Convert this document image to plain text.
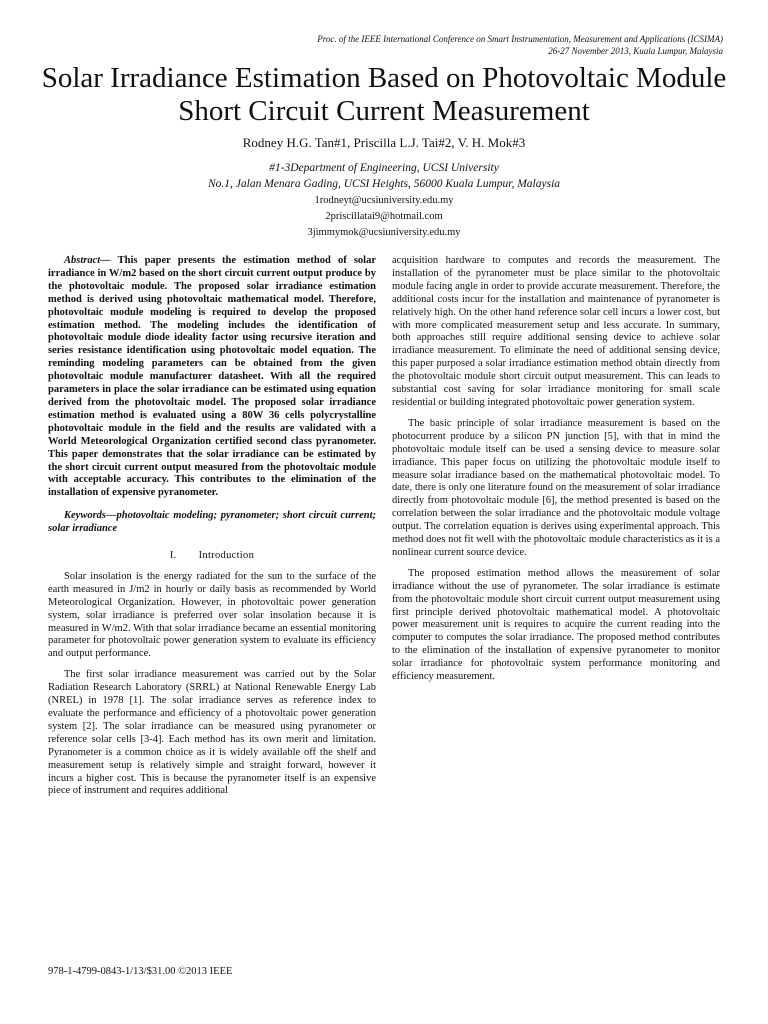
Proc. of the IEEE International Conference on Smart Instrumentation, Measurement and Applications (ICSIMA)
26-27 November 2013, Kuala Lumpur, Malaysia
Solar Irradiance Estimation Based on Photovoltaic Module Short Circuit Current Measurement
Rodney H.G. Tan#1, Priscilla L.J. Tai#2, V. H. Mok#3
#1-3Department of Engineering, UCSI University
No.1, Jalan Menara Gading, UCSI Heights, 56000 Kuala Lumpur, Malaysia
1rodneyt@ucsiuniversity.edu.my
2priscillatai9@hotmail.com
3jimmymok@ucsiuniversity.edu.my

Abstract— This paper presents the estimation method of solar irradiance in W/m2 based on the short circuit current output produce by the photovoltaic module. The proposed solar irradiance estimation method is derived using photovoltaic mathematical model. Therefore, photovoltaic module modeling is required to develop the proposed estimation method. The modeling includes the identification of photovoltaic module diode ideality factor using recursive iteration and series resistance identification using photovoltaic model equation. The reminding modeling parameters can be obtained from the given photovoltaic module manufacturer datasheet. With all the required parameters in place the solar irradiance can be estimated using equation derived from the photovoltaic model. The proposed solar irradiance estimation method is evaluated using a 80W 36 cells polycrystalline photovoltaic module in the field and the results are validated with a World Meteorological Organization certified second class pyranometer. This paper demonstrates that the solar irradiance can be estimated by the short circuit current output measured from the photovoltaic module with acceptable accuracy. This contributes to the elimination of the installation of expensive pyranometer.

Keywords—photovoltaic modeling; pyranometer; short circuit current; solar irradiance

I. Introduction

Solar insolation is the energy radiated for the sun to the surface of the earth measured in J/m2 in hourly or daily basis as recommended by World Meteorological Organization. However, in photovoltaic power generation system, solar irradiance is preferred over solar insolation because it is measured in W/m2. With that solar irradiance became an essential monitoring parameter for photovoltaic power generation system to evaluate its efficiency and output performance.

The first solar irradiance measurement was carried out by the Solar Radiation Research Laboratory (SRRL) at National Renewable Energy Lab (NREL) in 1978 [1]. The solar irradiance serves as reference index to evaluate the performance and efficiency of a photovoltaic power generation system [2]. The solar irradiance can be measured using pyranometer or reference solar cells [3-4]. Each method has its own merit and limitation. Pyranometer is a common choice as it is widely available off the shelf and measurement setup is relatively simple and straight forward, however it incurs a higher cost. This is because the pyranometer itself is an expensive piece of instrument and requires additional

acquisition hardware to computes and records the measurement. The installation of the pyranometer must be place similar to the photovoltaic module facing angle in order to provide accurate measurement. Therefore, the additional costs incur for the installation and maintenance of pyranometer is relatively high. On the other hand reference solar cell incurs a lower cost, but with more complicated measurement setup and less accurate. In summary, both approaches still require additional sensing device to achieve solar irradiance measurement. To eliminate the need of additional sensing device, this paper purposed a solar irradiance estimation method obtain directly from the photovoltaic module short circuit output measurement. This can leads to substantial cost saving for solar irradiance monitoring for small scale residential or building integrated photovoltaic power generation system.

The basic principle of solar irradiance measurement is based on the photocurrent produce by a silicon PN junction [5], with that in mind the photovoltaic module itself can be used a sensing device to measure solar irradiance. This paper focus on utilizing the photovoltaic module itself to measure solar irradiance based on the mathematical photovoltaic model. To date, there is only one literature found on the measurement of solar irradiance directly from photovoltaic module [6], the method presented is based on the correlation between the solar irradiance and the photovoltaic module voltage output. The correlation equation is derives using experimental approach. This method does not fit well with the photovoltaic module characteristics as it is a nonlinear current source device.

The proposed estimation method allows the measurement of solar irradiance without the use of pyranometer. The solar irradiance is estimate from the photovoltaic module short circuit current output measurement using first principle derived photovoltaic mathematical model. A photovoltaic power measurement unit is requires to acquire the current reading into the computer to computes the solar irradiance. The proposed method contributes to the elimination of the installation of expensive pyranometer to monitor solar irradiance for photovoltaic system performance monitoring and efficiency measurement.

978-1-4799-0843-1/13/$31.00 ©2013 IEEE
